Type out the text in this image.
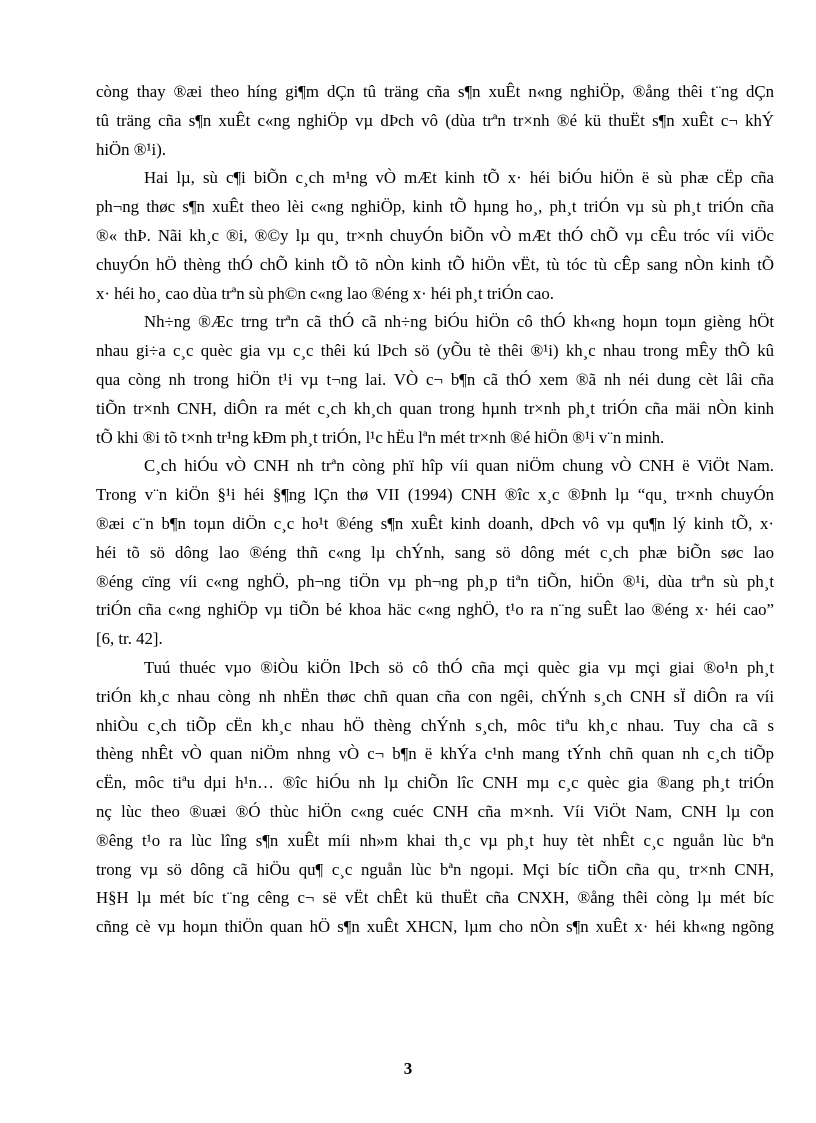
còng thay ®æi theo híng gi¶m dÇn tû träng cña s¶n xuÊt n«ng nghiÖp, ®ång thêi t¨ng dÇn
tû träng cña s¶n xuÊt c«ng nghiÖp vµ dÞch vô (dùa trªn tr×nh ®é kü thuËt s¶n xuÊt c¬ khÝ
hiÖn ®¹i).
Hai lµ, sù c¶i biÕn c¸ch m¹ng vÒ mÆt kinh tÕ x· héi biÓu hiÖn ë sù phæ cËp cña
ph¬ng thøc s¶n xuÊt theo lèi c«ng nghiÖp, kinh tÕ hµng ho¸, ph¸t triÓn vµ sù ph¸t triÓn cña
®« thÞ. Nãi kh¸c ®i, ®©y lµ qu¸ tr×nh chuyÓn biÕn vÒ mÆt thÓ chÕ vµ cÊu tróc víi viÖc
chuyÓn hÖ thèng thÓ chÕ kinh tÕ tõ nÒn kinh tÕ hiÖn vËt, tù tóc tù cÊp sang nÒn kinh tÕ
x· héi ho¸ cao dùa trªn sù ph©n c«ng lao ®éng x· héi ph¸t triÓn cao.
Nh÷ng ®Æc trng trªn cã thÓ cã nh÷ng biÓu hiÖn cô thÓ kh«ng hoµn toµn gièng hÖt
nhau gi÷a c¸c quèc gia vµ c¸c thêi kú lÞch sö (yÕu tè thêi ®¹i) kh¸c nhau trong mÊy thÕ kû
qua còng nh trong hiÖn t¹i vµ t¬ng lai. VÒ c¬ b¶n cã thÓ xem ®ã nh néi dung cèt lâi cña
tiÕn tr×nh CNH, diÔn ra mét c¸ch kh¸ch quan trong hµnh tr×nh ph¸t triÓn cña mäi nÒn kinh
tÕ khi ®i tõ t×nh tr¹ng kÐm ph¸t triÓn, l¹c hËu lªn mét tr×nh ®é hiÖn ®¹i v¨n minh.
C¸ch hiÓu vÒ CNH nh trªn còng phï hîp víi quan niÖm chung vÒ CNH ë ViÖt Nam.
Trong v¨n kiÖn §¹i héi §¶ng lÇn thø VII (1994) CNH ®îc x¸c ®Þnh lµ “qu¸ tr×nh chuyÓn
®æi c¨n b¶n toµn diÖn c¸c ho¹t ®éng s¶n xuÊt kinh doanh, dÞch vô vµ qu¶n lý kinh tÕ, x·
héi tõ sö dông lao ®éng thñ c«ng lµ chÝnh, sang sö dông mét c¸ch phæ biÕn søc lao
®éng cïng víi c«ng nghÖ, ph¬ng tiÖn vµ ph¬ng ph¸p tiªn tiÕn, hiÖn ®¹i, dùa trªn sù ph¸t
triÓn cña c«ng nghiÖp vµ tiÕn bé khoa häc c«ng nghÖ, t¹o ra n¨ng suÊt lao ®éng x· héi cao”
[6, tr. 42].
Tuú thuéc vµo ®iÒu kiÖn lÞch sö cô thÓ cña mçi quèc gia vµ mçi giai ®o¹n ph¸t
triÓn kh¸c nhau còng nh nhËn thøc chñ quan cña con ngêi, chÝnh s¸ch CNH sÏ diÔn ra víi
nhiÒu c¸ch tiÕp cËn kh¸c nhau hÖ thèng chÝnh s¸ch, môc tiªu kh¸c nhau. Tuy cha cã s
thèng nhÊt vÒ quan niÖm nhng vÒ c¬ b¶n ë khÝa c¹nh mang tÝnh chñ quan nh c¸ch tiÕp
cËn, môc tiªu dµi h¹n… ®îc hiÓu nh lµ chiÕn lîc CNH mµ c¸c quèc gia ®ang ph¸t triÓn
nç lùc theo ®uæi ®Ó thùc hiÖn c«ng cuéc CNH cña m×nh. Víi ViÖt Nam, CNH lµ con
®êng t¹o ra lùc lîng s¶n xuÊt míi nh»m khai th¸c vµ ph¸t huy tèt nhÊt c¸c nguån lùc bªn
trong vµ sö dông cã hiÖu qu¶ c¸c nguån lùc bªn ngoµi. Mçi bíc tiÕn cña qu¸ tr×nh CNH,
H§H lµ mét bíc t¨ng cêng c¬ së vËt chÊt kü thuËt cña CNXH, ®ång thêi còng lµ mét bíc
cñng cè vµ hoµn thiÖn quan hÖ s¶n xuÊt XHCN, lµm cho nÒn s¶n xuÊt x· héi kh«ng ngõng
3
